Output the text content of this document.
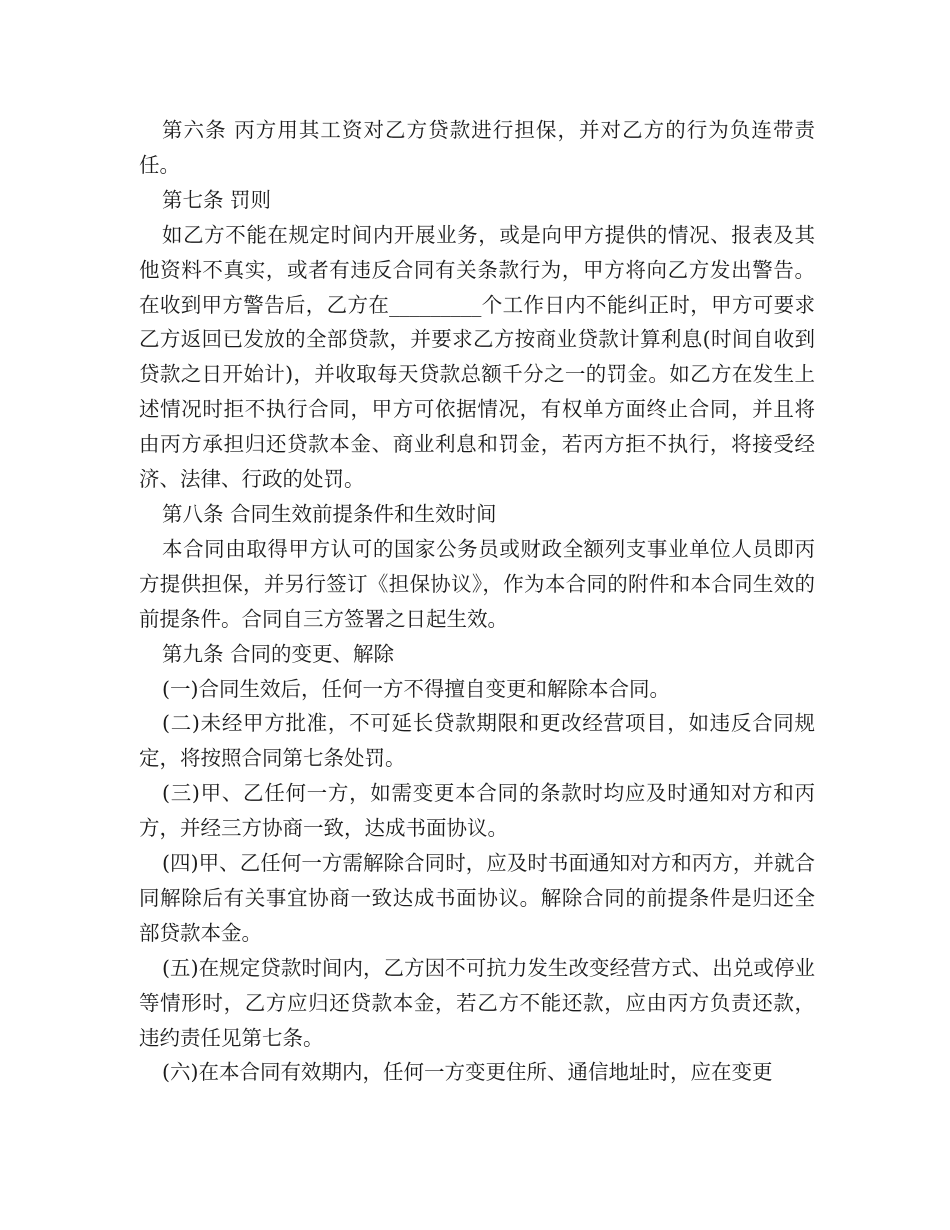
第六条 丙方用其工资对乙方贷款进行担保，并对乙方的行为负连带责任。

第七条 罚则

如乙方不能在规定时间内开展业务，或是向甲方提供的情况、报表及其他资料不真实，或者有违反合同有关条款行为，甲方将向乙方发出警告。在收到甲方警告后，乙方在_________个工作日内不能纠正时，甲方可要求乙方返回已发放的全部贷款，并要求乙方按商业贷款计算利息(时间自收到贷款之日开始计)，并收取每天贷款总额千分之一的罚金。如乙方在发生上述情况时拒不执行合同，甲方可依据情况，有权单方面终止合同，并且将由丙方承担归还贷款本金、商业利息和罚金，若丙方拒不执行，将接受经济、法律、行政的处罚。

第八条 合同生效前提条件和生效时间

本合同由取得甲方认可的国家公务员或财政全额列支事业单位人员即丙方提供担保，并另行签订《担保协议》，作为本合同的附件和本合同生效的前提条件。合同自三方签署之日起生效。

第九条 合同的变更、解除

(一)合同生效后，任何一方不得擅自变更和解除本合同。

(二)未经甲方批准，不可延长贷款期限和更改经营项目，如违反合同规定，将按照合同第七条处罚。

(三)甲、乙任何一方，如需变更本合同的条款时均应及时通知对方和丙方，并经三方协商一致，达成书面协议。

(四)甲、乙任何一方需解除合同时，应及时书面通知对方和丙方，并就合同解除后有关事宜协商一致达成书面协议。解除合同的前提条件是归还全部贷款本金。

(五)在规定贷款时间内，乙方因不可抗力发生改变经营方式、出兑或停业等情形时，乙方应归还贷款本金，若乙方不能还款，应由丙方负责还款，违约责任见第七条。

(六)在本合同有效期内，任何一方变更住所、通信地址时，应在变更
